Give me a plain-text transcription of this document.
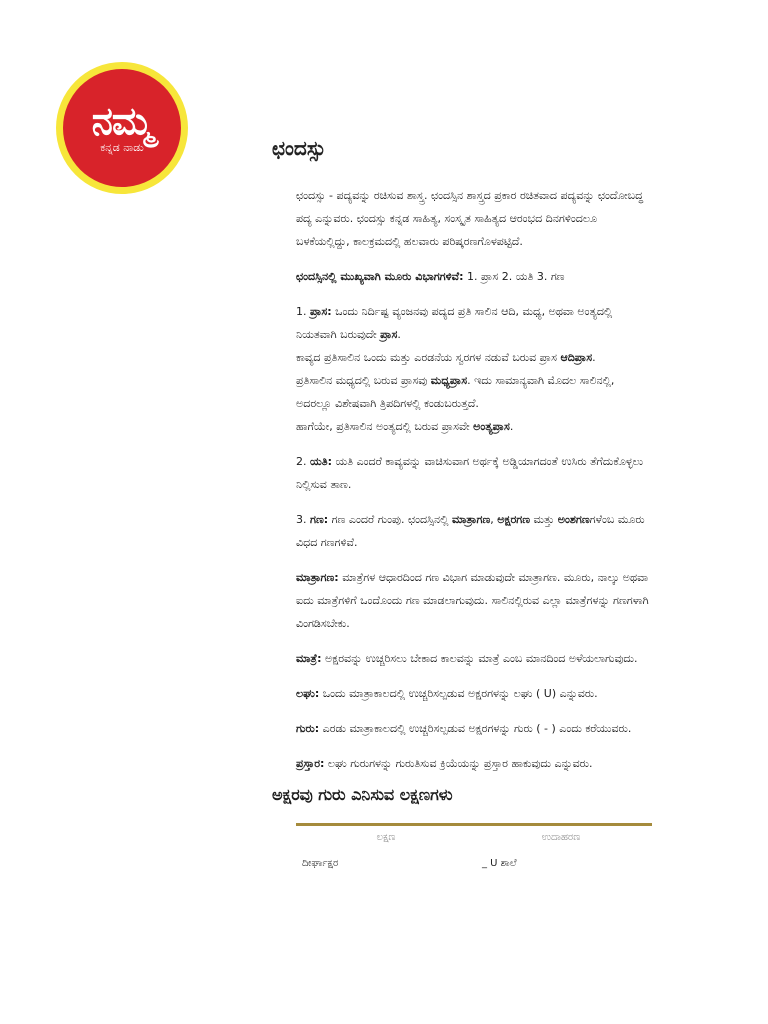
ನಮ್ಮ
ಕನ್ನಡ ನಾಡು	ಛಂದಸ್ಸು

ಛಂದಸ್ಸು - ಪದ್ಯವನ್ನು ರಚಿಸುವ ಶಾಸ್ತ್ರ. ಛಂದಸ್ಸಿನ ಶಾಸ್ತ್ರದ ಪ್ರಕಾರ ರಚಿತವಾದ ಪದ್ಯವನ್ನು ಛಂದೋಬದ್ಧ ಪದ್ಯ ಎನ್ನುವರು. ಛಂದಸ್ಸು ಕನ್ನಡ ಸಾಹಿತ್ಯ, ಸಂಸ್ಕೃತ ಸಾಹಿತ್ಯದ ಆರಂಭದ ದಿನಗಳಿಂದಲೂ ಬಳಕೆಯಲ್ಲಿದ್ದು, ಕಾಲಕ್ರಮದಲ್ಲಿ ಹಲವಾರು ಪರಿಷ್ಕರಣಗೊಳಪಟ್ಟಿದೆ.

ಛಂದಸ್ಸಿನಲ್ಲಿ ಮುಖ್ಯವಾಗಿ ಮೂರು ವಿಭಾಗಗಳಿವೆ: 1. ಪ್ರಾಸ 2. ಯತಿ 3. ಗಣ

1. ಪ್ರಾಸ: ಒಂದು ನಿರ್ದಿಷ್ಟ ವ್ಯಂಜನವು ಪದ್ಯದ ಪ್ರತಿ ಸಾಲಿನ ಆದಿ, ಮಧ್ಯ, ಅಥವಾ ಅಂತ್ಯದಲ್ಲಿ ನಿಯತವಾಗಿ ಬರುವುದೇ ಪ್ರಾಸ.
ಕಾವ್ಯದ ಪ್ರತಿಸಾಲಿನ ಒಂದು ಮತ್ತು ಎರಡನೆಯ ಸ್ವರಗಳ ನಡುವೆ ಬರುವ ಪ್ರಾಸ ಆದಿಪ್ರಾಸ.
ಪ್ರತಿಸಾಲಿನ ಮಧ್ಯದಲ್ಲಿ ಬರುವ ಪ್ರಾಸವು ಮಧ್ಯಪ್ರಾಸ. ಇದು ಸಾಮಾನ್ಯವಾಗಿ ಮೊದಲ ಸಾಲಿನಲ್ಲಿ, ಅದರಲ್ಲೂ ವಿಶೇಷವಾಗಿ ತ್ರಿಪದಿಗಳಲ್ಲಿ ಕಂಡುಬರುತ್ತದೆ.
ಹಾಗೆಯೇ, ಪ್ರತಿಸಾಲಿನ ಅಂತ್ಯದಲ್ಲಿ ಬರುವ ಪ್ರಾಸವೇ ಅಂತ್ಯಪ್ರಾಸ.

2. ಯತಿ: ಯತಿ ಎಂದರೆ ಕಾವ್ಯವನ್ನು ವಾಚಿಸುವಾಗ ಅರ್ಥಕ್ಕೆ ಅಡ್ಡಿಯಾಗದಂತೆ ಉಸಿರು ತೆಗೆದುಕೊಳ್ಳಲು ನಿಲ್ಲಿಸುವ ತಾಣ.

3. ಗಣ: ಗಣ ಎಂದರೆ ಗುಂಪು. ಛಂದಸ್ಸಿನಲ್ಲಿ ಮಾತ್ರಾಗಣ, ಅಕ್ಷರಗಣ ಮತ್ತು ಅಂಶಗಣಗಳೆಂಬ ಮೂರು ವಿಧದ ಗಣಗಳಿವೆ.

ಮಾತ್ರಾಗಣ: ಮಾತ್ರೆಗಳ ಆಧಾರದಿಂದ ಗಣ ವಿಭಾಗ ಮಾಡುವುದೇ ಮಾತ್ರಾಗಣ. ಮೂರು, ನಾಲ್ಕು ಅಥವಾ ಐದು ಮಾತ್ರೆಗಳಿಗೆ ಒಂದೊಂದು ಗಣ ಮಾಡಲಾಗುವುದು. ಸಾಲಿನಲ್ಲಿರುವ ಎಲ್ಲಾ ಮಾತ್ರೆಗಳನ್ನು ಗಣಗಳಾಗಿ ವಿಂಗಡಿಸಬೇಕು.

ಮಾತ್ರೆ: ಅಕ್ಷರವನ್ನು ಉಚ್ಚರಿಸಲು ಬೇಕಾದ ಕಾಲವನ್ನು ಮಾತ್ರೆ ಎಂಬ ಮಾನದಿಂದ ಅಳೆಯಲಾಗುವುದು.

ಲಘು: ಒಂದು ಮಾತ್ರಾಕಾಲದಲ್ಲಿ ಉಚ್ಚರಿಸಲ್ಪಡುವ ಅಕ್ಷರಗಳನ್ನು ಲಘು ( U) ಎನ್ನುವರು.

ಗುರು: ಎರಡು ಮಾತ್ರಾಕಾಲದಲ್ಲಿ ಉಚ್ಚರಿಸಲ್ಪಡುವ ಅಕ್ಷರಗಳನ್ನು ಗುರು ( - ) ಎಂದು ಕರೆಯುವರು.

ಪ್ರಸ್ತಾರ: ಲಘು ಗುರುಗಳನ್ನು ಗುರುತಿಸುವ ಕ್ರಿಯೆಯನ್ನು ಪ್ರಸ್ತಾರ ಹಾಕುವುದು ಎನ್ನುವರು.

ಅಕ್ಷರವು ಗುರು ಎನಿಸುವ ಲಕ್ಷಣಗಳು
ಲಕ್ಷಣ	ಉದಾಹರಣ
ದೀರ್ಘಾಕ್ಷರ	_ U ಶಾಲೆ
